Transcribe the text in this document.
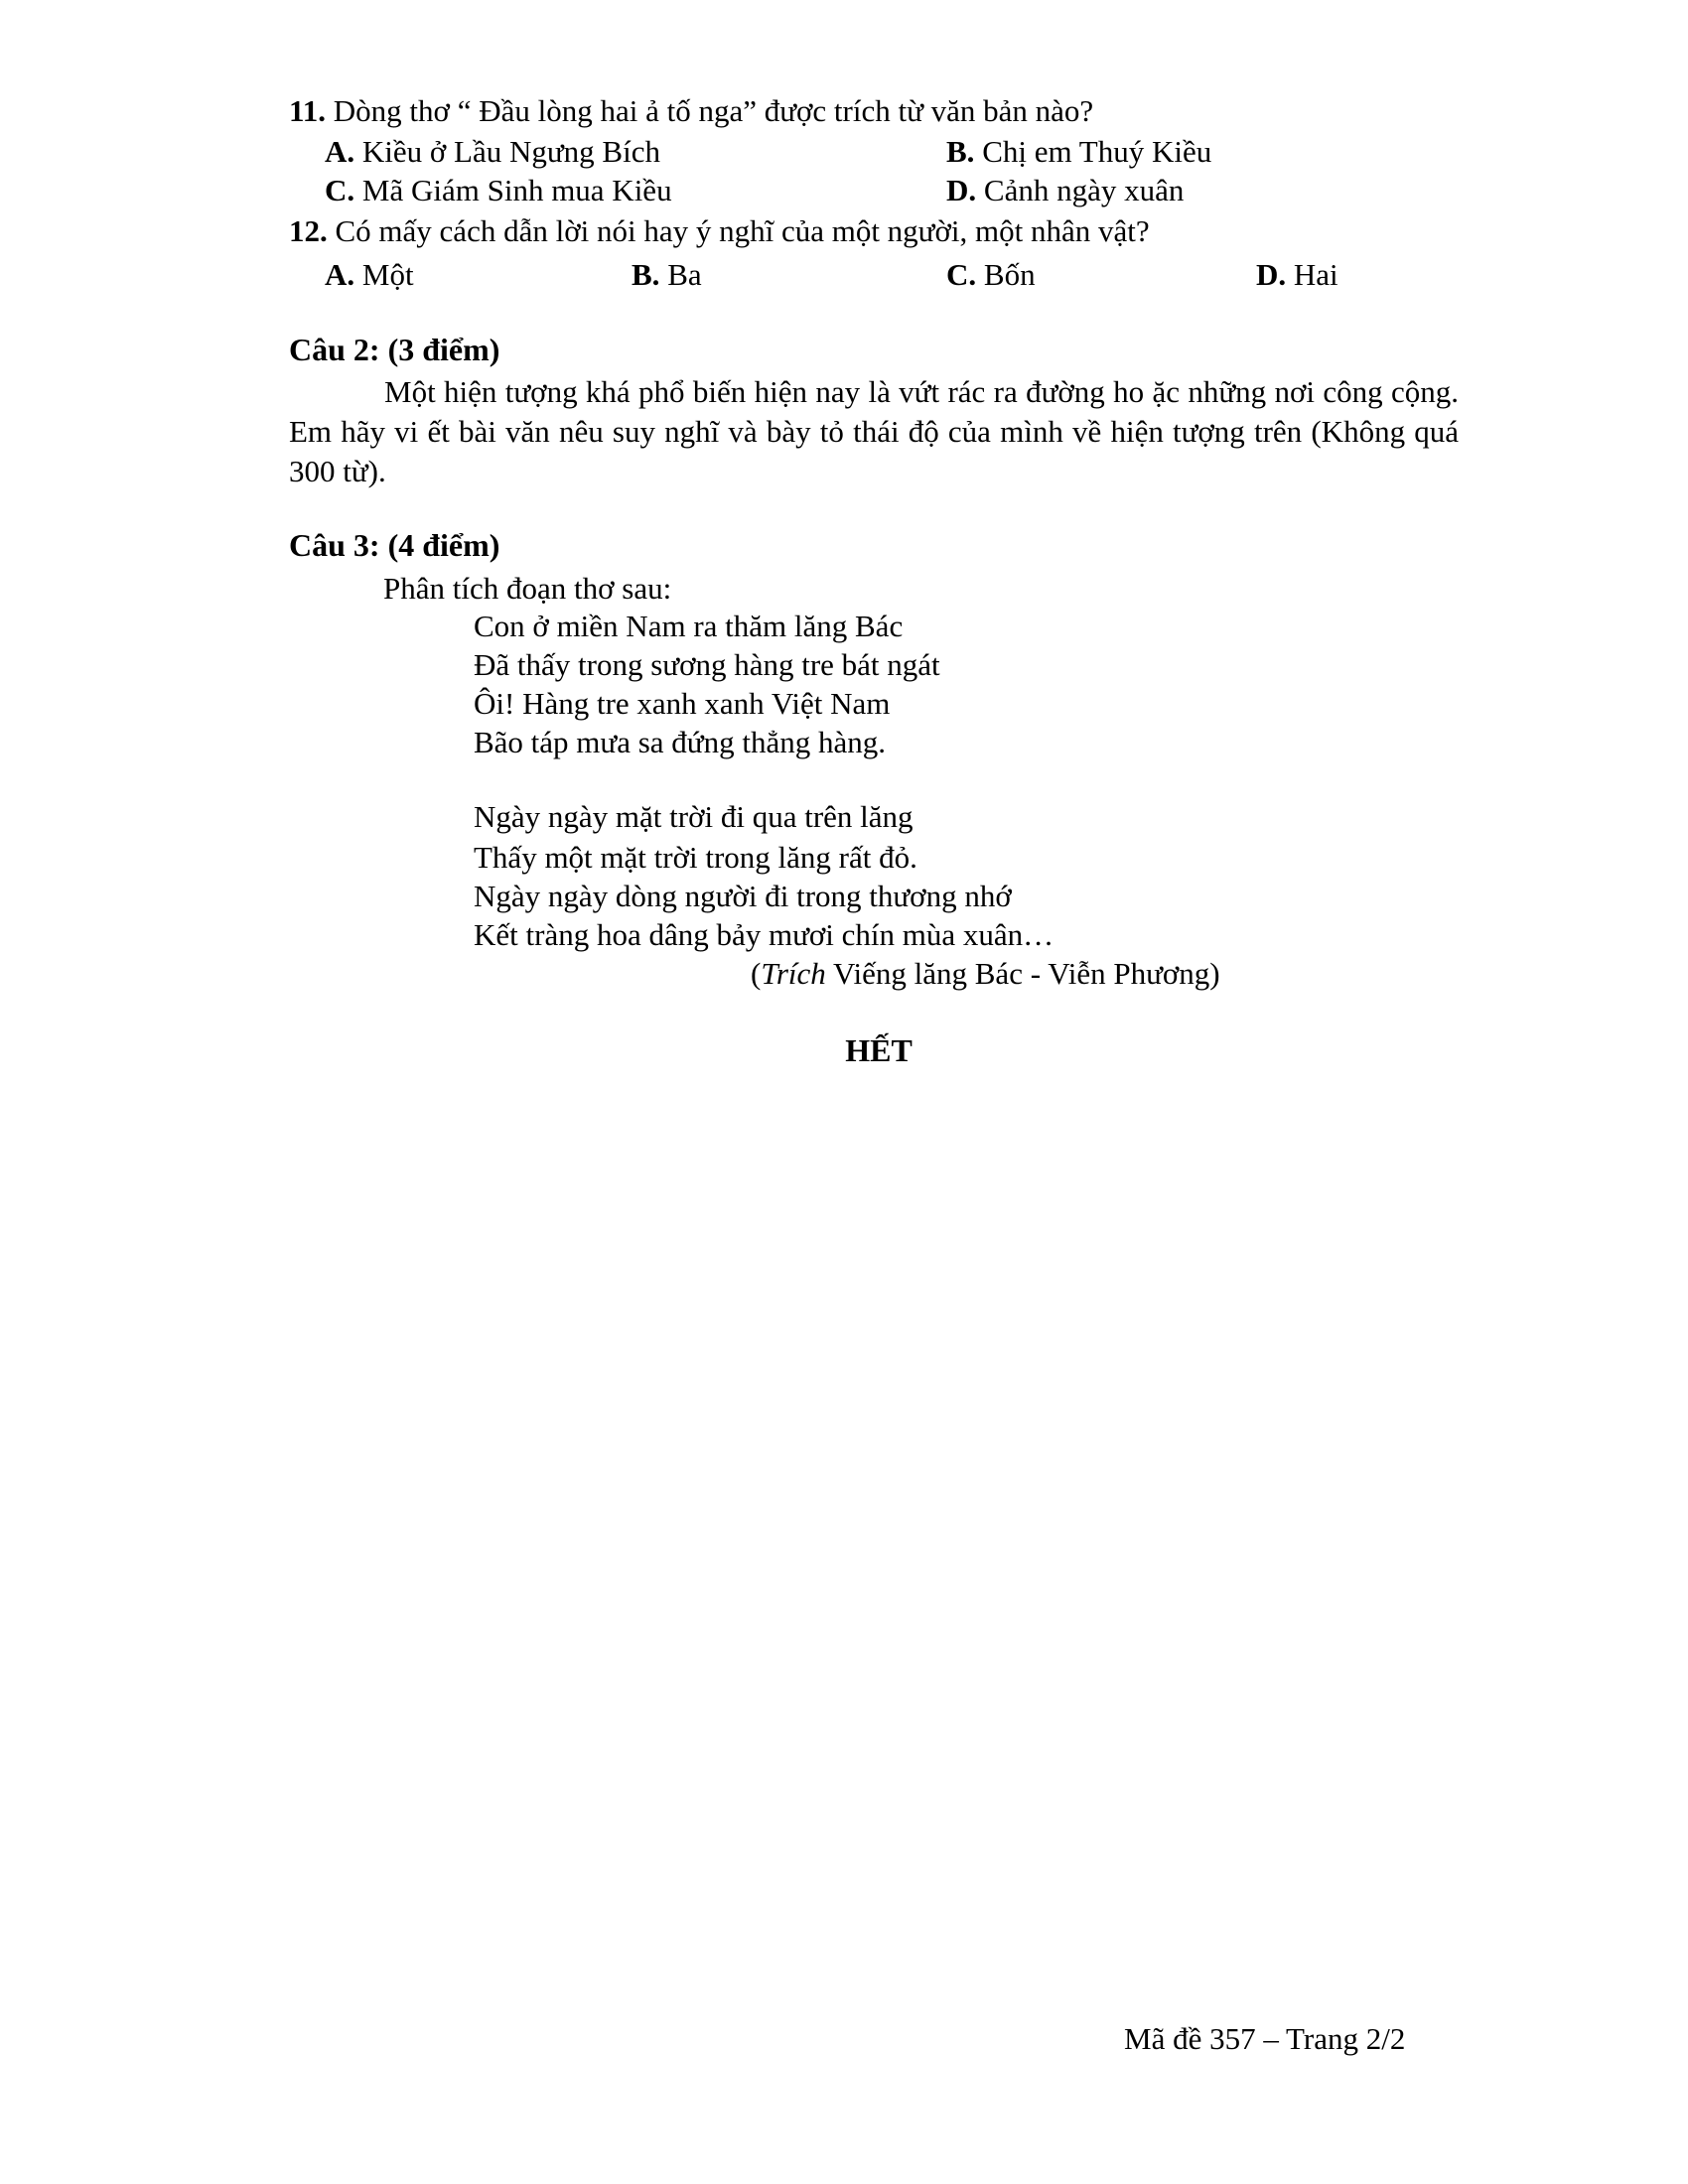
11. Dòng thơ “ Đầu lòng hai ả tố nga” được trích từ văn bản nào?
A. Kiều ở Lầu Ngưng Bích	B. Chị em Thuý Kiều
C. Mã Giám Sinh mua Kiều	D. Cảnh ngày xuân
12. Có mấy cách dẫn lời nói hay ý nghĩ của một người, một nhân vật?
A. Một	B. Ba	C. Bốn	D. Hai
Câu 2: (3 điểm)
Một hiện tượng khá phổ biến hiện nay là vứt rác ra đường ho ặc những nơi công cộng. Em hãy vi ết bài văn nêu suy nghĩ và bày tỏ thái độ của mình về hiện tượng trên (Không quá 300 từ).
Câu 3: (4 điểm)
Phân tích đoạn thơ sau:
Con ở miền Nam ra thăm lăng Bác
Đã thấy trong sương hàng tre bát ngát
Ôi! Hàng tre xanh xanh Việt Nam
Bão táp mưa sa đứng thẳng hàng.
Ngày ngày mặt trời đi qua trên lăng
Thấy một mặt trời trong lăng rất đỏ.
Ngày ngày dòng người đi trong thương nhớ
Kết tràng hoa dâng bảy mươi chín mùa xuân…
(Trích Viếng lăng Bác - Viễn Phương)
HẾT
Mã đề 357 – Trang 2/2
